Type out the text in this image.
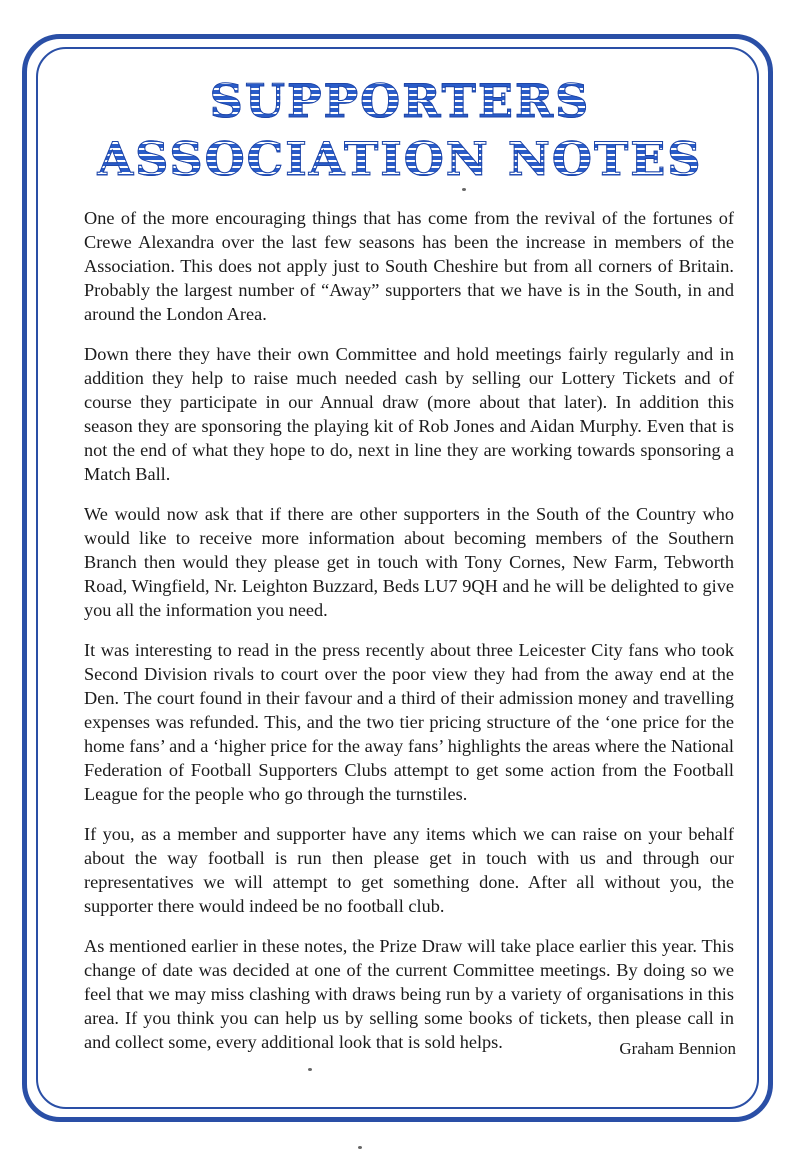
SUPPORTERS
ASSOCIATION NOTES

One of the more encouraging things that has come from the revival of the fortunes of Crewe Alexandra over the last few seasons has been the increase in members of the Association. This does not apply just to South Cheshire but from all corners of Britain. Probably the largest number of “Away” supporters that we have is in the South, in and around the London Area.

Down there they have their own Committee and hold meetings fairly regularly and in addition they help to raise much needed cash by selling our Lottery Tickets and of course they participate in our Annual draw (more about that later). In addition this season they are sponsoring the playing kit of Rob Jones and Aidan Murphy. Even that is not the end of what they hope to do, next in line they are working towards sponsoring a Match Ball.

We would now ask that if there are other supporters in the South of the Country who would like to receive more information about becoming members of the Southern Branch then would they please get in touch with Tony Cornes, New Farm, Tebworth Road, Wingfield, Nr. Leighton Buzzard, Beds LU7 9QH and he will be delighted to give you all the information you need.

It was interesting to read in the press recently about three Leicester City fans who took Second Division rivals to court over the poor view they had from the away end at the Den. The court found in their favour and a third of their admission money and travelling expenses was refunded. This, and the two tier pricing structure of the ‘one price for the home fans’ and a ‘higher price for the away fans’ highlights the areas where the National Federation of Football Supporters Clubs attempt to get some action from the Football League for the people who go through the turnstiles.

If you, as a member and supporter have any items which we can raise on your behalf about the way football is run then please get in touch with us and through our representatives we will attempt to get something done. After all without you, the supporter there would indeed be no football club.

As mentioned earlier in these notes, the Prize Draw will take place earlier this year. This change of date was decided at one of the current Committee meetings. By doing so we feel that we may miss clashing with draws being run by a variety of organisations in this area. If you think you can help us by selling some books of tickets, then please call in and collect some, every additional look that is sold helps.	Graham Bennion
